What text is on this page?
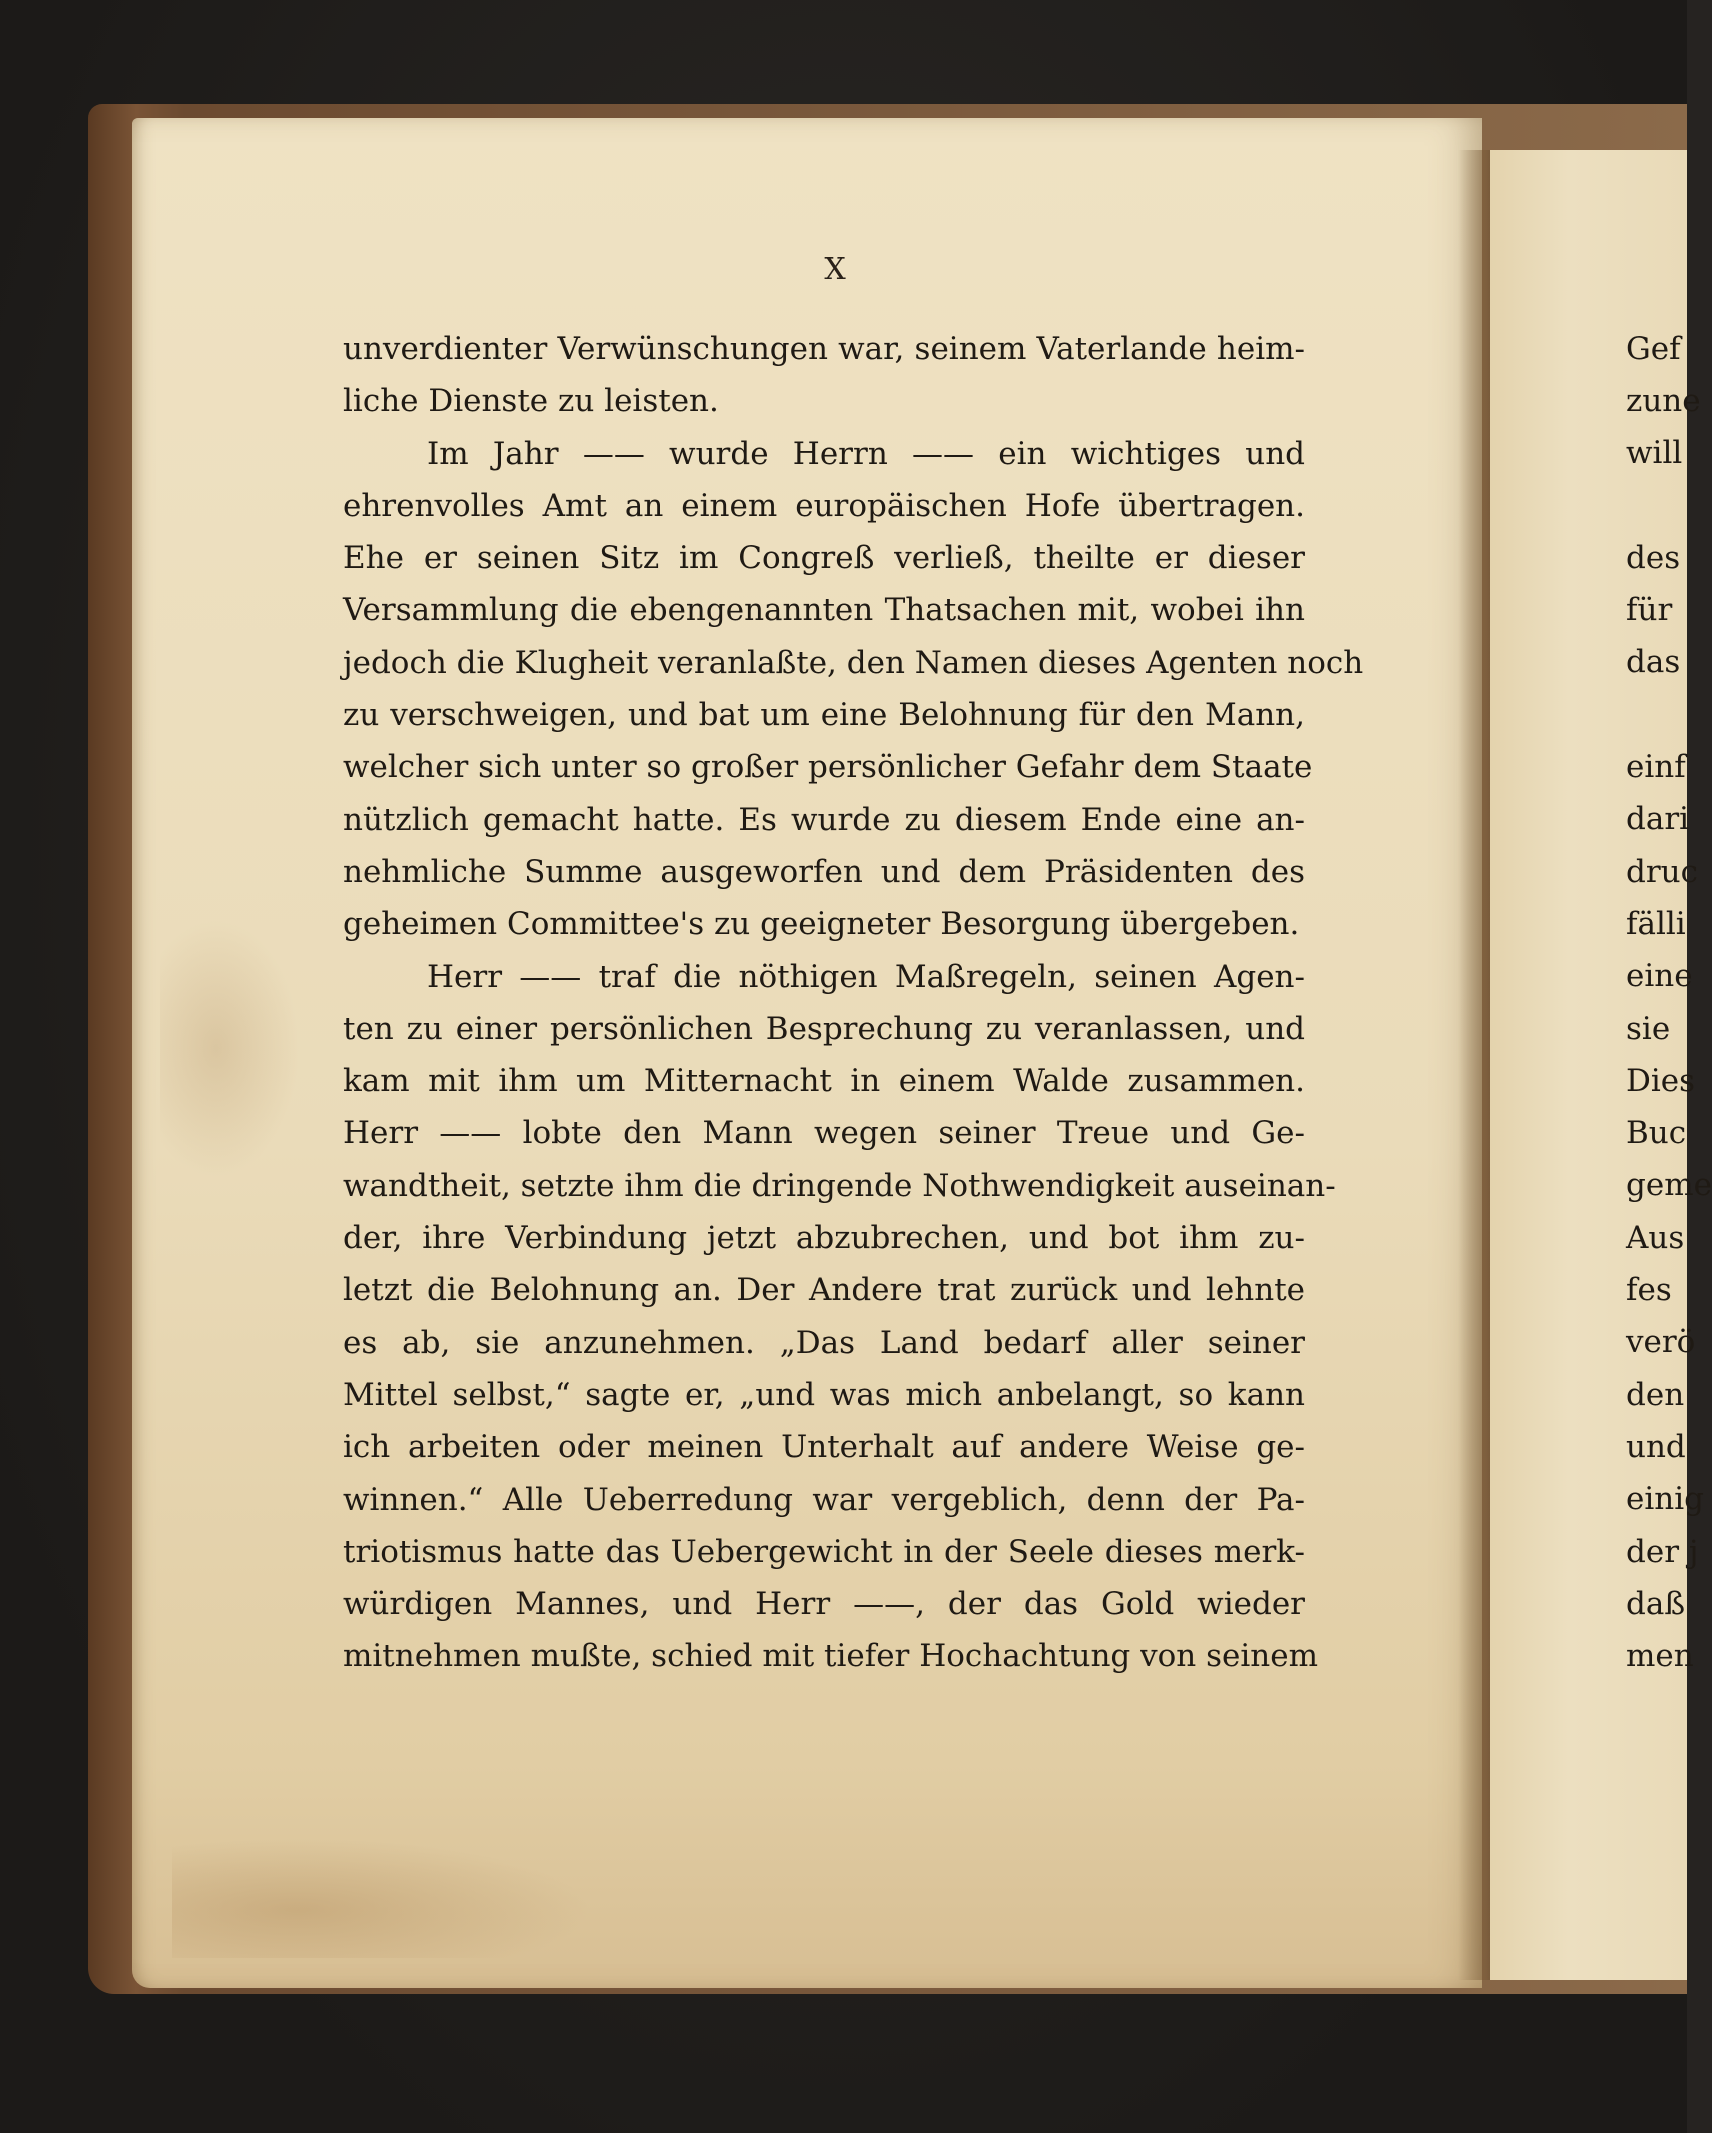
X
unverdienter Verwünschungen war, seinem Vaterlande heim-
liche Dienste zu leisten.
Im Jahr —— wurde Herrn —— ein wichtiges und
ehrenvolles Amt an einem europäischen Hofe übertragen.
Ehe er seinen Sitz im Congreß verließ, theilte er dieser
Versammlung die ebengenannten Thatsachen mit, wobei ihn
jedoch die Klugheit veranlaßte, den Namen dieses Agenten noch
zu verschweigen, und bat um eine Belohnung für den Mann,
welcher sich unter so großer persönlicher Gefahr dem Staate
nützlich gemacht hatte. Es wurde zu diesem Ende eine an-
nehmliche Summe ausgeworfen und dem Präsidenten des
geheimen Committee's zu geeigneter Besorgung übergeben.
Herr —— traf die nöthigen Maßregeln, seinen Agen-
ten zu einer persönlichen Besprechung zu veranlassen, und
kam mit ihm um Mitternacht in einem Walde zusammen.
Herr —— lobte den Mann wegen seiner Treue und Ge-
wandtheit, setzte ihm die dringende Nothwendigkeit auseinan-
der, ihre Verbindung jetzt abzubrechen, und bot ihm zu-
letzt die Belohnung an. Der Andere trat zurück und lehnte
es ab, sie anzunehmen. „Das Land bedarf aller seiner
Mittel selbst,“ sagte er, „und was mich anbelangt, so kann
ich arbeiten oder meinen Unterhalt auf andere Weise ge-
winnen.“ Alle Ueberredung war vergeblich, denn der Pa-
triotismus hatte das Uebergewicht in der Seele dieses merk-
würdigen Mannes, und Herr ——, der das Gold wieder
mitnehmen mußte, schied mit tiefer Hochachtung von seinem
Gef
zune
will
des
für
das
einf
dari
druc
fälli
eine
sie
Dies
Buc
geme
Aus
fes
verö
den
und
einig
der j
daß
men
